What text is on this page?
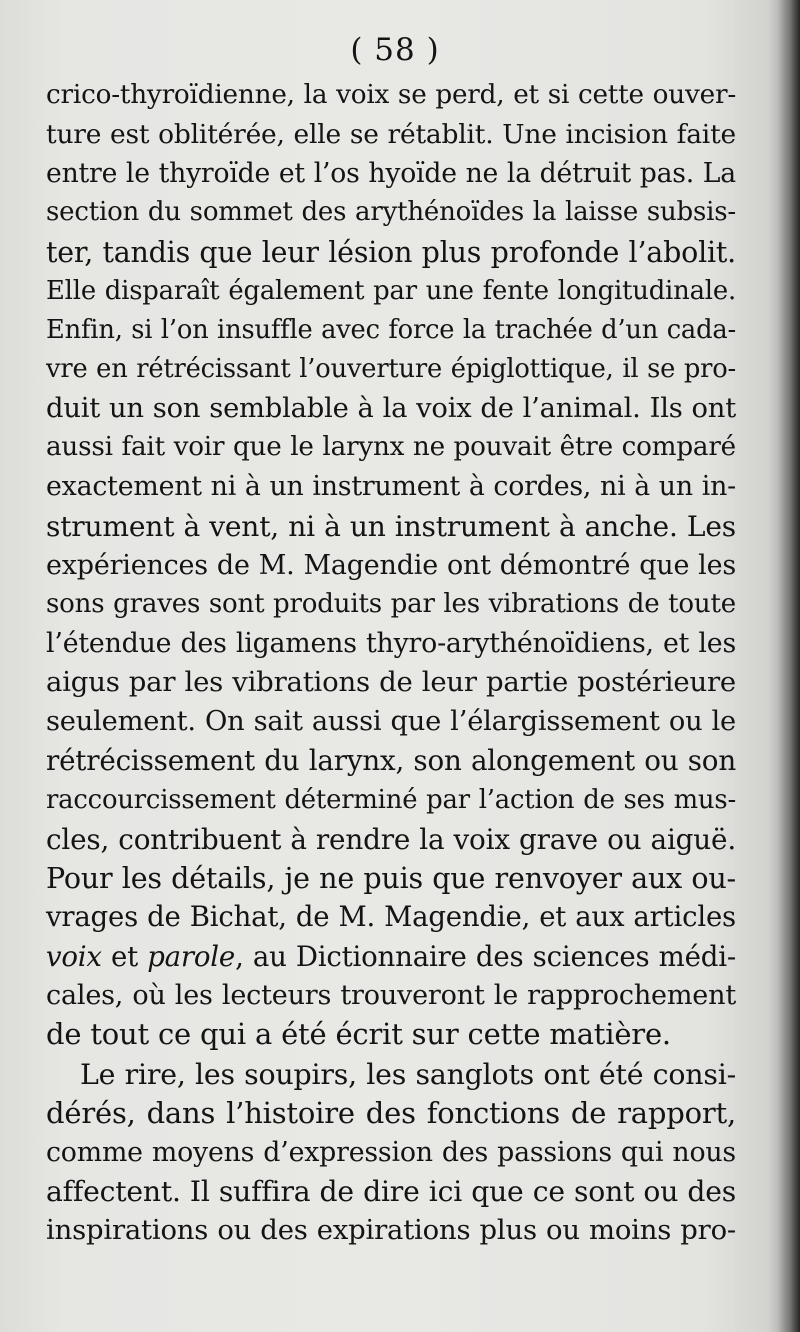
( 58 )
crico-thyroïdienne, la voix se perd, et si cette ouver-
ture est oblitérée, elle se rétablit. Une incision faite
entre le thyroïde et l’os hyoïde ne la détruit pas. La
section du sommet des arythénoïdes la laisse subsis-
ter, tandis que leur lésion plus profonde l’abolit.
Elle disparaît également par une fente longitudinale.
Enfin, si l’on insuffle avec force la trachée d’un cada-
vre en rétrécissant l’ouverture épiglottique, il se pro-
duit un son semblable à la voix de l’animal. Ils ont
aussi fait voir que le larynx ne pouvait être comparé
exactement ni à un instrument à cordes, ni à un in-
strument à vent, ni à un instrument à anche. Les
expériences de M. Magendie ont démontré que les
sons graves sont produits par les vibrations de toute
l’étendue des ligamens thyro-arythénoïdiens, et les
aigus par les vibrations de leur partie postérieure
seulement. On sait aussi que l’élargissement ou le
rétrécissement du larynx, son alongement ou son
raccourcissement déterminé par l’action de ses mus-
cles, contribuent à rendre la voix grave ou aiguë.
Pour les détails, je ne puis que renvoyer aux ou-
vrages de Bichat, de M. Magendie, et aux articles
voix et parole, au Dictionnaire des sciences médi-
cales, où les lecteurs trouveront le rapprochement
de tout ce qui a été écrit sur cette matière.
Le rire, les soupirs, les sanglots ont été consi-
dérés, dans l’histoire des fonctions de rapport,
comme moyens d’expression des passions qui nous
affectent. Il suffira de dire ici que ce sont ou des
inspirations ou des expirations plus ou moins pro-
